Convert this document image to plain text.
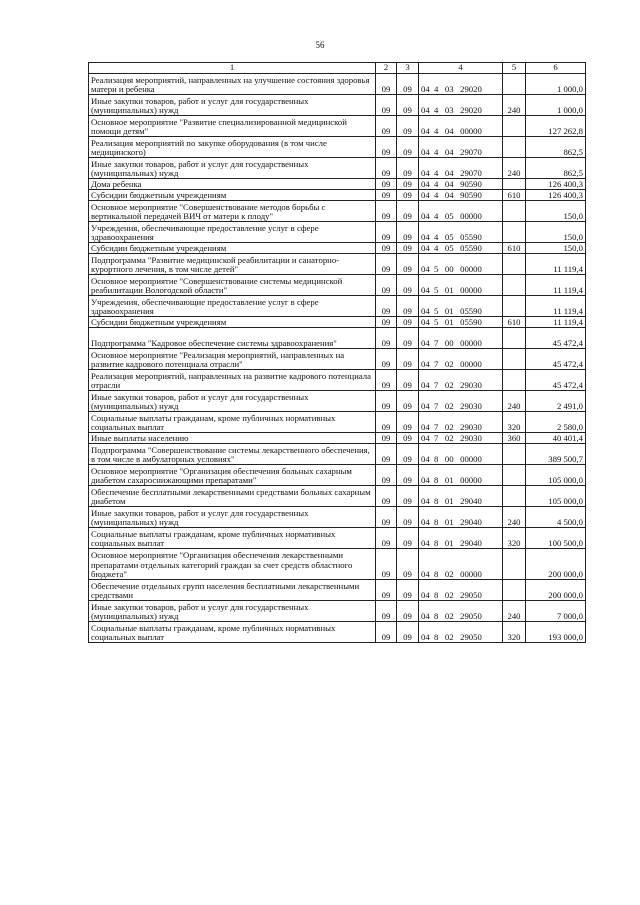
56
1	2	3	4	5	6
Реализация мероприятий, направленных на улучшение состояния здоровья матери и ребенка	09	09	04  4   03   29020		1 000,0
Иные закупки товаров, работ и услуг для государственных (муниципальных) нужд	09	09	04  4   03   29020	240	1 000,0
Основное мероприятие "Развитие специализированной медицинской помощи детям"	09	09	04  4   04   00000		127 262,8
Реализация мероприятий по закупке оборудования (в том числе медицинского)	09	09	04  4   04   29070		862,5
Иные закупки товаров, работ и услуг для государственных (муниципальных) нужд	09	09	04  4   04   29070	240	862,5
Дома ребенка	09	09	04  4   04   90590		126 400,3
Субсидии бюджетным учреждениям	09	09	04  4   04   90590	610	126 400,3
Основное мероприятие "Совершенствование методов борьбы с вертикальной передачей ВИЧ от матери к плоду"	09	09	04  4   05   00000		150,0
Учреждения, обеспечивающие предоставление услуг в сфере здравоохранения	09	09	04  4   05   05590		150,0
Субсидии бюджетным учреждениям	09	09	04  4   05   05590	610	150,0
Подпрограмма "Развитие медицинской реабилитации и санаторно-курортного лечения, в том числе детей"	09	09	04  5   00   00000		11 119,4
Основное мероприятие "Совершенствование системы медицинской реабилитации Вологодской области"	09	09	04  5   01   00000		11 119,4
Учреждения, обеспечивающие предоставление услуг в сфере здравоохранения	09	09	04  5   01   05590		11 119,4
Субсидии бюджетным учреждениям	09	09	04  5   01   05590	610	11 119,4
Подпрограмма "Кадровое обеспечение системы здравоохранения"	09	09	04  7   00   00000		45 472,4
Основное мероприятие "Реализация мероприятий, направленных на развитие кадрового потенциала отрасли"	09	09	04  7   02   00000		45 472,4
Реализация мероприятий, направленных на развитие кадрового потенциала отрасли	09	09	04  7   02   29030		45 472,4
Иные закупки товаров, работ и услуг для государственных (муниципальных) нужд	09	09	04  7   02   29030	240	2 491,0
Социальные выплаты гражданам, кроме публичных нормативных социальных выплат	09	09	04  7   02   29030	320	2 580,0
Иные выплаты населению	09	09	04  7   02   29030	360	40 401,4
Подпрограмма "Совершенствование системы лекарственного обеспечения, в том числе в амбулаторных условиях"	09	09	04  8   00   00000		389 500,7
Основное мероприятие "Организация обеспечения больных сахарным диабетом сахароснижающими препаратами"	09	09	04  8   01   00000		105 000,0
Обеспечение бесплатными лекарственными средствами больных сахарным диабетом	09	09	04  8   01   29040		105 000,0
Иные закупки товаров, работ и услуг для государственных (муниципальных) нужд	09	09	04  8   01   29040	240	4 500,0
Социальные выплаты гражданам, кроме публичных нормативных социальных выплат	09	09	04  8   01   29040	320	100 500,0
Основное мероприятие "Организация обеспечения лекарственными препаратами отдельных категорий граждан за счет средств областного бюджета"	09	09	04  8   02   00000		200 000,0
Обеспечение отдельных групп населения бесплатными лекарственными средствами	09	09	04  8   02   29050		200 000,0
Иные закупки товаров, работ и услуг для государственных (муниципальных) нужд	09	09	04  8   02   29050	240	7 000,0
Социальные выплаты гражданам, кроме публичных нормативных социальных выплат	09	09	04  8   02   29050	320	193 000,0
